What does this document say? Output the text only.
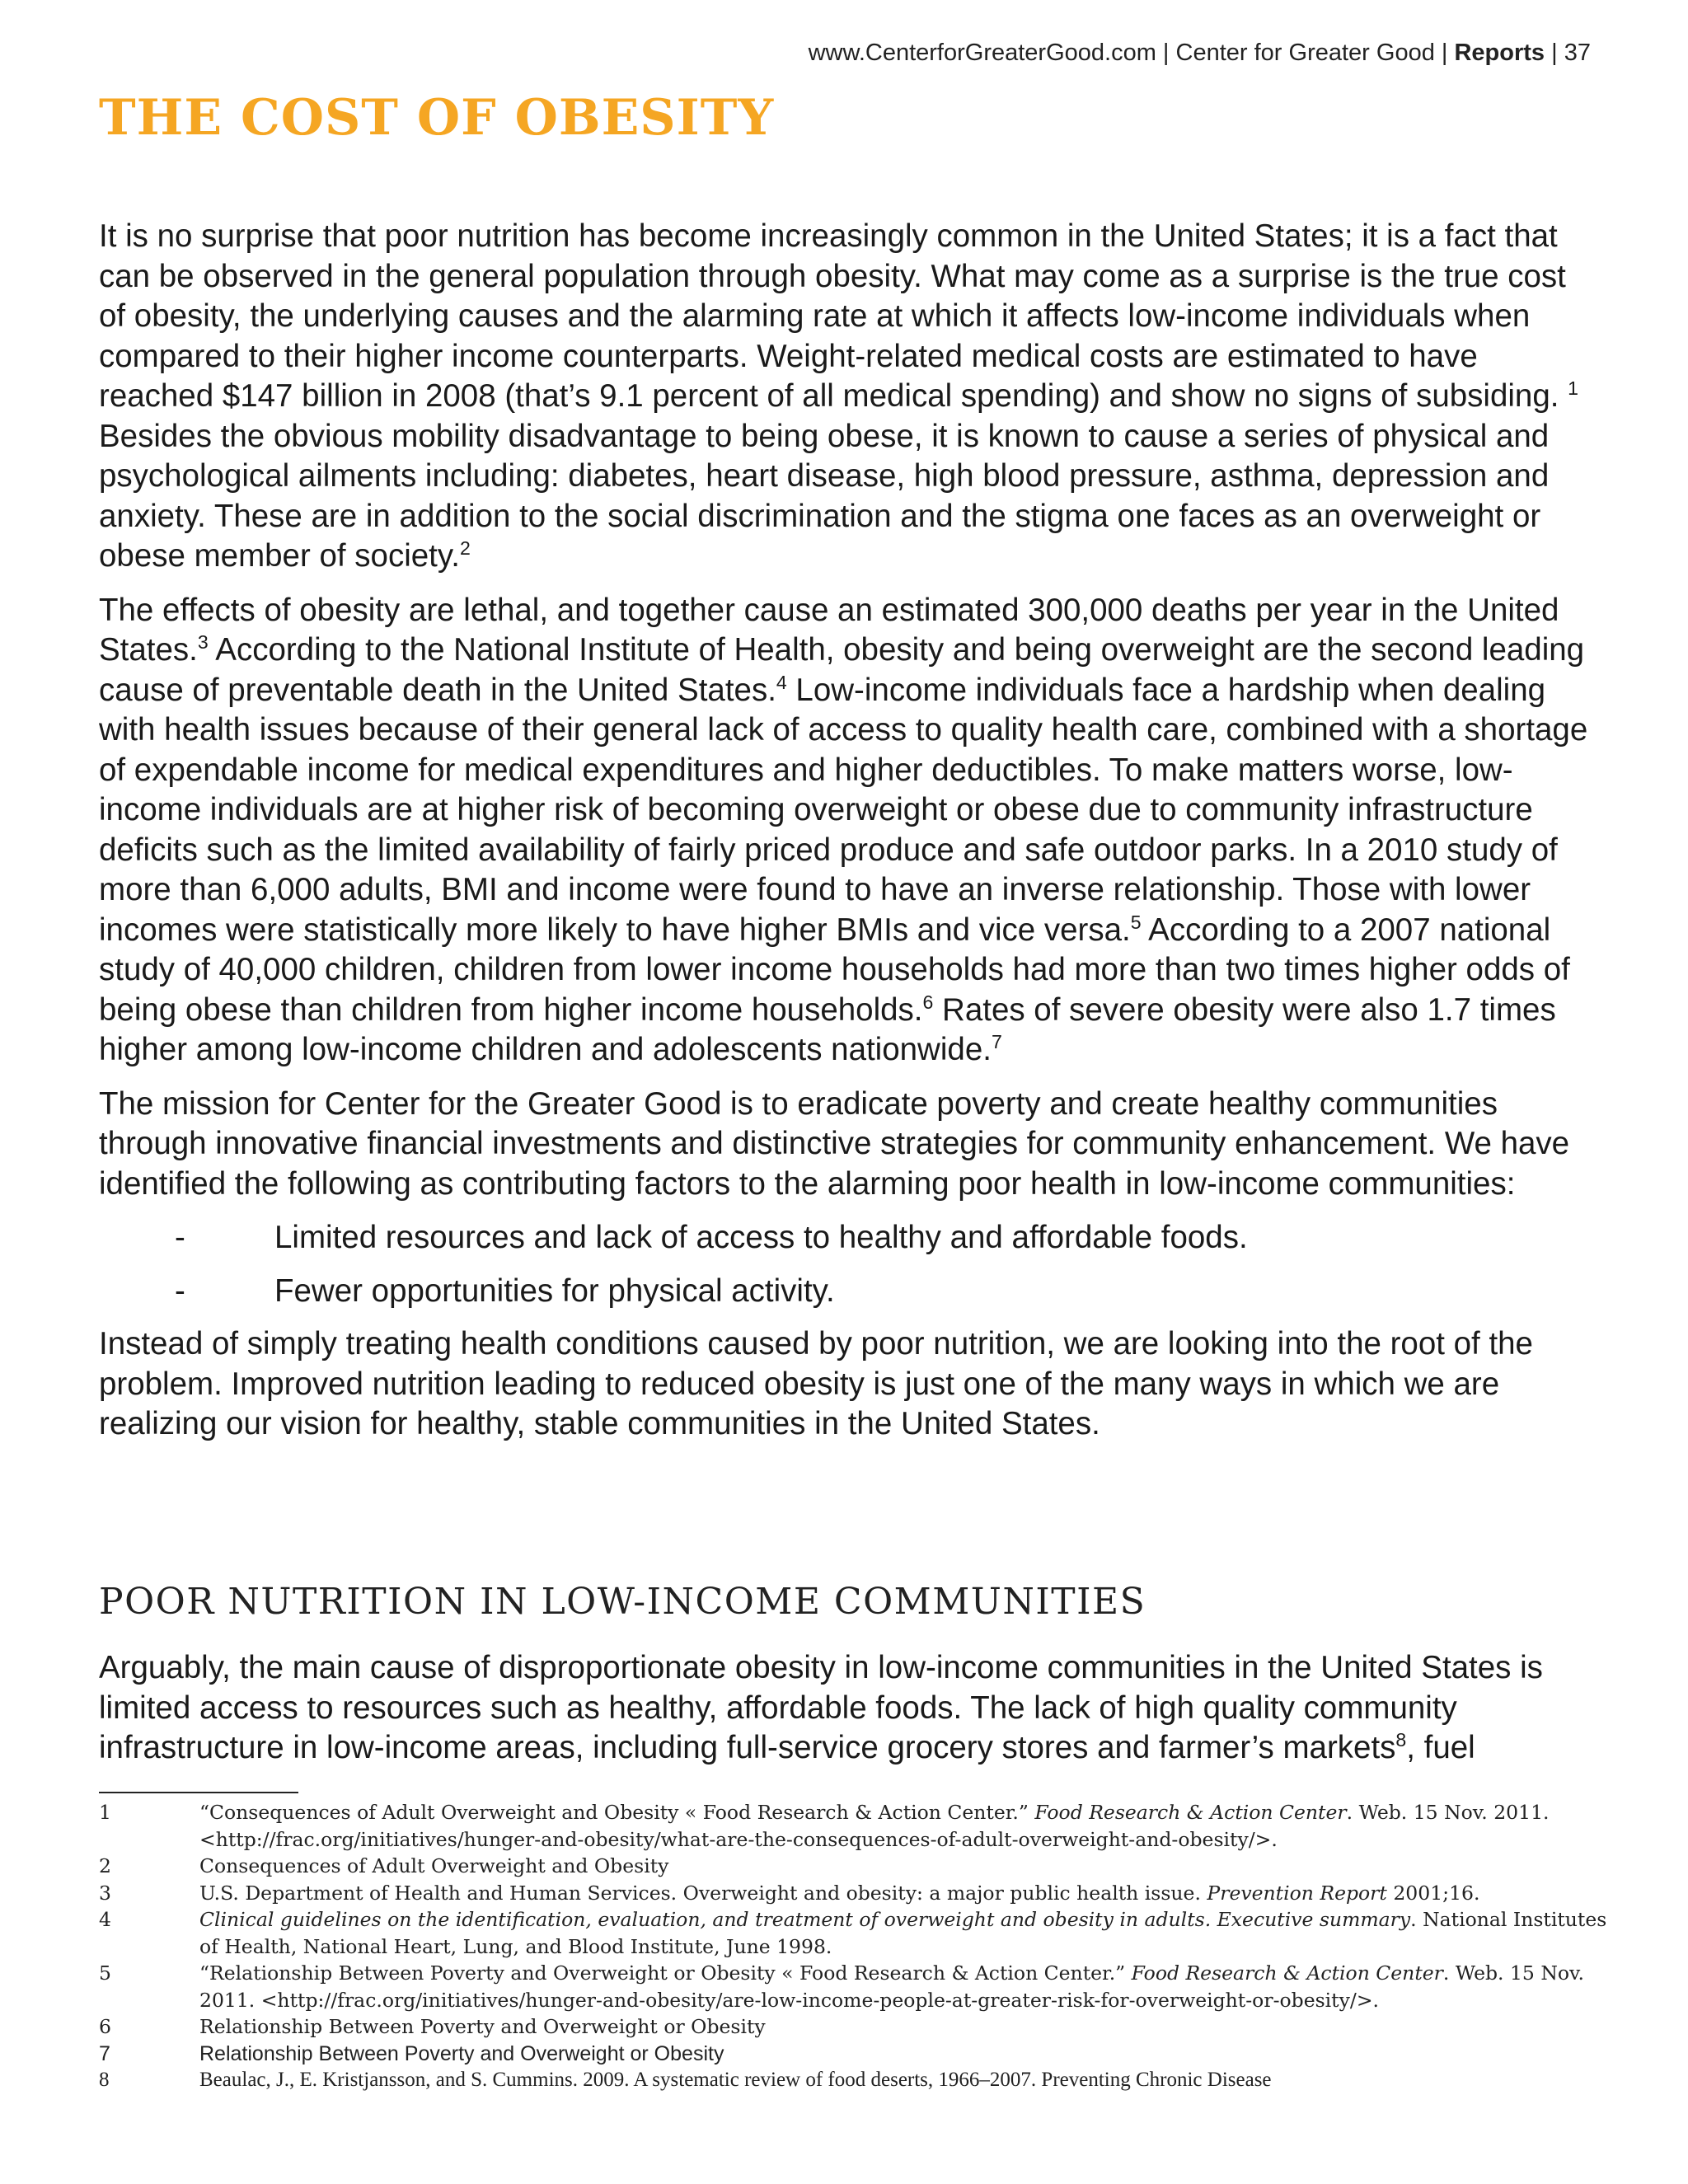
www.CenterforGreaterGood.com | Center for Greater Good | Reports | 37
THE COST OF OBESITY

It is no surprise that poor nutrition has become increasingly common in the United States; it is a fact that can be observed in the general population through obesity. What may come as a surprise is the true cost of obesity, the underlying causes and the alarming rate at which it affects low-income individuals when compared to their higher income counterparts. Weight-related medical costs are estimated to have reached $147 billion in 2008 (that’s 9.1 percent of all medical spending) and show no signs of subsiding. $^1$ Besides the obvious mobility disadvantage to being obese, it is known to cause a series of physical and psychological ailments including: diabetes, heart disease, high blood pressure, asthma, depression and anxiety. These are in addition to the social discrimination and the stigma one faces as an overweight or obese member of society.$^2$

The effects of obesity are lethal, and together cause an estimated 300,000 deaths per year in the United States.$^3$ According to the National Institute of Health, obesity and being overweight are the second leading cause of preventable death in the United States.$^4$ Low-income individuals face a hardship when dealing with health issues because of their general lack of access to quality health care, combined with a shortage of expendable income for medical expenditures and higher deductibles. To make matters worse, low-income individuals are at higher risk of becoming overweight or obese due to community infrastructure deficits such as the limited availability of fairly priced produce and safe outdoor parks. In a 2010 study of more than 6,000 adults, BMI and income were found to have an inverse relationship. Those with lower incomes were statistically more likely to have higher BMIs and vice versa.$^5$ According to a 2007 national study of 40,000 children, children from lower income households had more than two times higher odds of being obese than children from higher income households.$^6$ Rates of severe obesity were also 1.7 times higher among low-income children and adolescents nationwide.$^7$

The mission for Center for the Greater Good is to eradicate poverty and create healthy communities through innovative financial investments and distinctive strategies for community enhancement. We have identified the following as contributing factors to the alarming poor health in low-income communities:

-	Limited resources and lack of access to healthy and affordable foods.
-	Fewer opportunities for physical activity.

Instead of simply treating health conditions caused by poor nutrition, we are looking into the root of the problem. Improved nutrition leading to reduced obesity is just one of the many ways in which we are realizing our vision for healthy, stable communities in the United States.

POOR NUTRITION IN LOW-INCOME COMMUNITIES

Arguably, the main cause of disproportionate obesity in low-income communities in the United States is limited access to resources such as healthy, affordable foods. The lack of high quality community infrastructure in low-income areas, including full-service grocery stores and farmer’s markets$^8$, fuel

1	“Consequences of Adult Overweight and Obesity « Food Research & Action Center.” Food Research & Action Center. Web. 15 Nov. 2011. <http://frac.org/initiatives/hunger-and-obesity/what-are-the-consequences-of-adult-overweight-and-obesity/>.
2	Consequences of Adult Overweight and Obesity
3	U.S. Department of Health and Human Services. Overweight and obesity: a major public health issue. Prevention Report 2001;16.
4	Clinical guidelines on the identification, evaluation, and treatment of overweight and obesity in adults. Executive summary. National Institutes of Health, National Heart, Lung, and Blood Institute, June 1998.
5	“Relationship Between Poverty and Overweight or Obesity « Food Research & Action Center.” Food Research & Action Center. Web. 15 Nov. 2011. <http://frac.org/initiatives/hunger-and-obesity/are-low-income-people-at-greater-risk-for-overweight-or-obesity/>.
6	Relationship Between Poverty and Overweight or Obesity
7	Relationship Between Poverty and Overweight or Obesity
8	Beaulac, J., E. Kristjansson, and S. Cummins. 2009. A systematic review of food deserts, 1966–2007. Preventing Chronic Disease
